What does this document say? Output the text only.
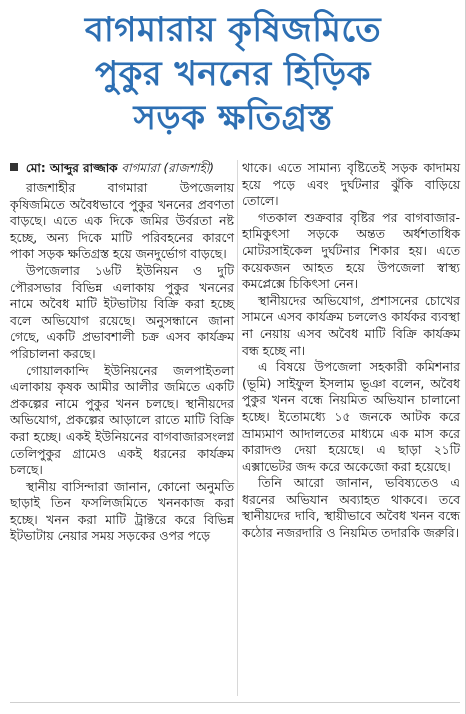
বাগমারায় কৃষিজমিতে
পুকুর খননের হিড়িক
সড়ক ক্ষতিগ্রস্ত
মো: আব্দুর রাজ্জাক বাগমারা (রাজশাহী)

রাজশাহীর বাগমারা উপজেলায় কৃষিজমিতে অবৈধভাবে পুকুর খননের প্রবণতা বাড়ছে। এতে এক দিকে জমির উর্বরতা নষ্ট হচ্ছে, অন্য দিকে মাটি পরিবহনের কারণে পাকা সড়ক ক্ষতিগ্রস্ত হয়ে জনদুর্ভোগ বাড়ছে।

উপজেলার ১৬টি ইউনিয়ন ও দুটি পৌরসভার বিভিন্ন এলাকায় পুকুর খননের নামে অবৈধ মাটি ইটভাটায় বিক্রি করা হচ্ছে বলে অভিযোগ রয়েছে। অনুসন্ধানে জানা গেছে, একটি প্রভাবশালী চক্র এসব কার্যক্রম পরিচালনা করছে।

গোয়ালকান্দি ইউনিয়নের জলপাইতলা এলাকায় কৃষক আমীর আলীর জমিতে একটি প্রকল্পের নামে পুকুর খনন চলছে। স্থানীয়দের অভিযোগ, প্রকল্পের আড়ালে রাতে মাটি বিক্রি করা হচ্ছে। একই ইউনিয়নের বাগবাজারসংলগ্ন তেলিপুকুর গ্রামেও একই ধরনের কার্যক্রম চলছে।

স্থানীয় বাসিন্দারা জানান, কোনো অনুমতি ছাড়াই তিন ফসলিজমিতে খননকাজ করা হচ্ছে। খনন করা মাটি ট্রাক্টরে করে বিভিন্ন ইটভাটায় নেয়ার সময় সড়কের ওপর পড়ে

থাকে। এতে সামান্য বৃষ্টিতেই সড়ক কাদাময় হয়ে পড়ে এবং দুর্ঘটনার ঝুঁকি বাড়িয়ে তোলে।

গতকাল শুক্রবার বৃষ্টির পর বাগবাজার-হামিকুৎসা সড়কে অন্তত অর্ধশতাধিক মোটরসাইকেল দুর্ঘটনার শিকার হয়। এতে কয়েকজন আহত হয়ে উপজেলা স্বাস্থ্য কমপ্লেক্সে চিকিৎসা নেন।

স্থানীয়দের অভিযোগ, প্রশাসনের চোখের সামনে এসব কার্যক্রম চললেও কার্যকর ব্যবস্থা না নেয়ায় এসব অবৈধ মাটি বিক্রি কার্যক্রম বন্ধ হচ্ছে না।

এ বিষয়ে উপজেলা সহকারী কমিশনার (ভূমি) সাইফুল ইসলাম ভূঞা বলেন, অবৈধ পুকুর খনন বন্ধে নিয়মিত অভিযান চালানো হচ্ছে। ইতোমধ্যে ১৫ জনকে আটক করে ভ্রাম্যমাণ আদালতের মাধ্যমে এক মাস করে কারাদণ্ড দেয়া হয়েছে। এ ছাড়া ২১টি এক্সাভেটর জব্দ করে অকেজো করা হয়েছে।

তিনি আরো জানান, ভবিষ্যতেও এ ধরনের অভিযান অব্যাহত থাকবে। তবে স্থানীয়দের দাবি, স্থায়ীভাবে অবৈধ খনন বন্ধে কঠোর নজরদারি ও নিয়মিত তদারকি জরুরি।
